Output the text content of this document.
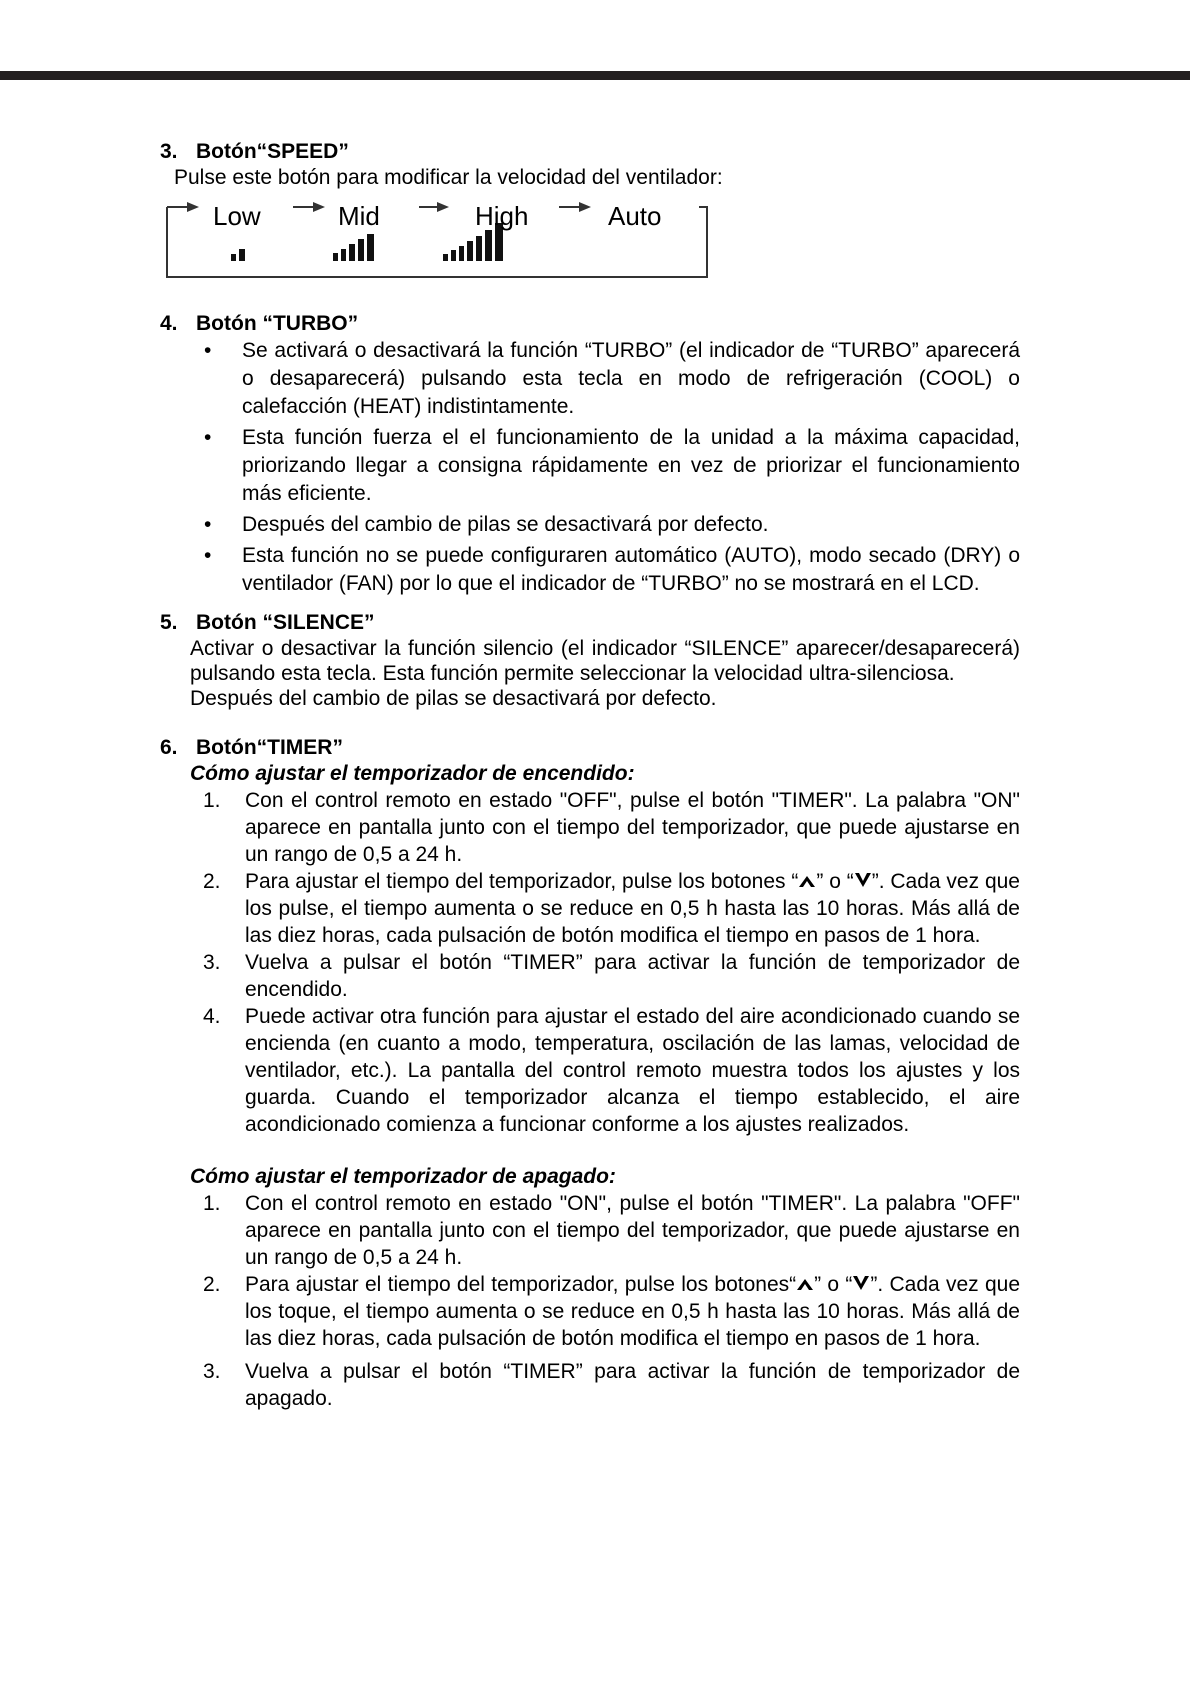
3. Botón“SPEED”
Pulse este botón para modificar la velocidad del ventilador:
Low	Mid	High	Auto
4. Botón “TURBO”
• Se activará o desactivará la función “TURBO” (el indicador de “TURBO” aparecerá o desaparecerá) pulsando esta tecla en modo de refrigeración (COOL) o calefacción (HEAT) indistintamente.
• Esta función fuerza el el funcionamiento de la unidad a la máxima capacidad, priorizando llegar a consigna rápidamente en vez de priorizar el funcionamiento más eficiente.
• Después del cambio de pilas se desactivará por defecto.
• Esta función no se puede configuraren automático (AUTO), modo secado (DRY) o ventilador (FAN) por lo que el indicador de “TURBO” no se mostrará en el LCD.
5. Botón “SILENCE”
Activar o desactivar la función silencio (el indicador “SILENCE” aparecer/desaparecerá) pulsando esta tecla. Esta función permite seleccionar la velocidad ultra-silenciosa.
Después del cambio de pilas se desactivará por defecto.
6. Botón“TIMER”
Cómo ajustar el temporizador de encendido:
1. Con el control remoto en estado "OFF", pulse el botón "TIMER". La palabra "ON" aparece en pantalla junto con el tiempo del temporizador, que puede ajustarse en un rango de 0,5 a 24 h.
2. Para ajustar el tiempo del temporizador, pulse los botones “ ” o “ ”. Cada vez que los pulse, el tiempo aumenta o se reduce en 0,5 h hasta las 10 horas. Más allá de las diez horas, cada pulsación de botón modifica el tiempo en pasos de 1 hora.
3. Vuelva a pulsar el botón “TIMER” para activar la función de temporizador de encendido.
4. Puede activar otra función para ajustar el estado del aire acondicionado cuando se encienda (en cuanto a modo, temperatura, oscilación de las lamas, velocidad de ventilador, etc.). La pantalla del control remoto muestra todos los ajustes y los guarda. Cuando el temporizador alcanza el tiempo establecido, el aire acondicionado comienza a funcionar conforme a los ajustes realizados.
Cómo ajustar el temporizador de apagado:
1. Con el control remoto en estado "ON", pulse el botón "TIMER". La palabra "OFF" aparece en pantalla junto con el tiempo del temporizador, que puede ajustarse en un rango de 0,5 a 24 h.
2. Para ajustar el tiempo del temporizador, pulse los botones“ ” o “ ”. Cada vez que los toque, el tiempo aumenta o se reduce en 0,5 h hasta las 10 horas. Más allá de las diez horas, cada pulsación de botón modifica el tiempo en pasos de 1 hora.
3. Vuelva a pulsar el botón “TIMER” para activar la función de temporizador de apagado.
